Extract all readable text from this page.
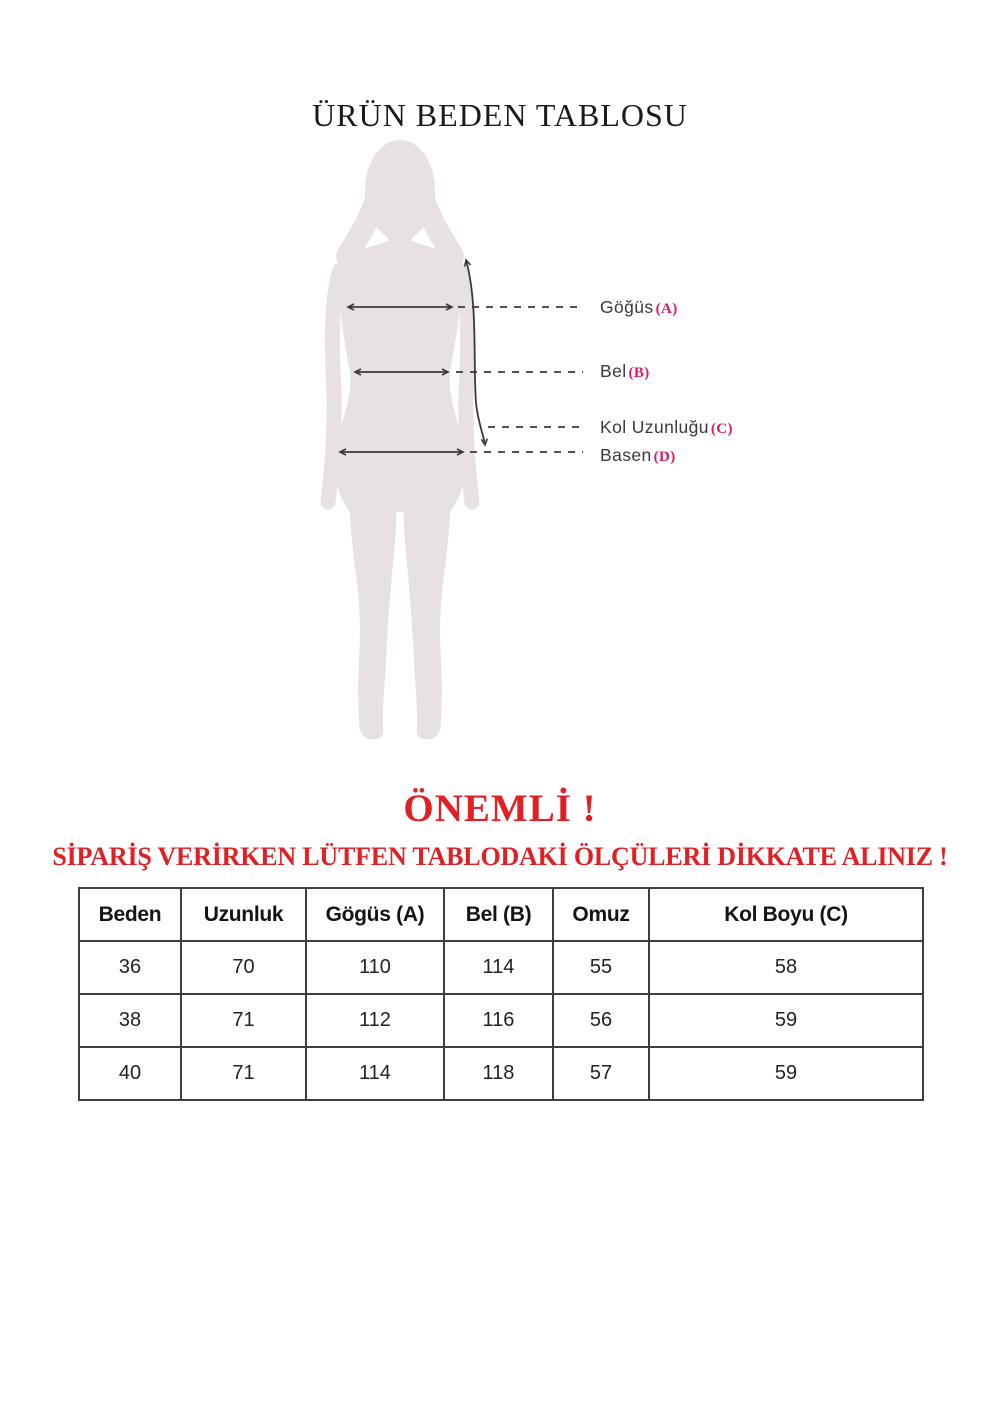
ÜRÜN BEDEN TABLOSU
Göğüs (A)
Bel (B)
Kol Uzunluğu (C)
Basen (D)
ÖNEMLİ !
SİPARİŞ VERİRKEN LÜTFEN TABLODAKİ ÖLÇÜLERİ DİKKATE ALINIZ !
Beden	Uzunluk	Gögüs (A)	Bel (B)	Omuz	Kol Boyu (C)
36	70	110	114	55	58
38	71	112	116	56	59
40	71	114	118	57	59
